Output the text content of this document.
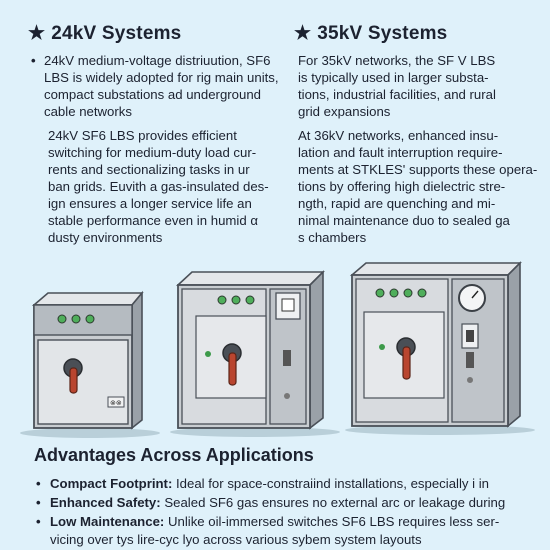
⊗⊗
★ 24kV Systems
• 24kV medium-voltage distriuution, SF6 LBS is widely adopted for rig main units, compact substations ad underground cable networks
24kV SF6 LBS provides efficient
switching for medium-duty load cur-
rents and sectionalizing tasks in ur
ban grids. Euvith a gas-insulated des-
ign ensures a longer service life an
stable performance even in humid α
dusty environments
★ 35kV Systems
For 35kV networks, the SF V LBS
is typically used in larger substa-
tions, industrial facilities, and rural
grid expansions
At 36kV networks, enhanced insu-
lation and fault interruption require-
ments at STKLES' supports these opera-
tions by offering high dielectric stre-
ngth, rapid are quenching and mi-
nimal maintenance duo to sealed ga
s chambers
Advantages Across Applications
• Compact Footprint: Ideal for space-constraiind installations, especially i in
• Enhanced Safety: Sealed SF6 gas ensures no external arc or leakage during
• Low Maintenance: Unlike oil-immersed switches SF6 LBS requires less ser-
vicing over tys lire-cyc lyo across various sybem system layouts
